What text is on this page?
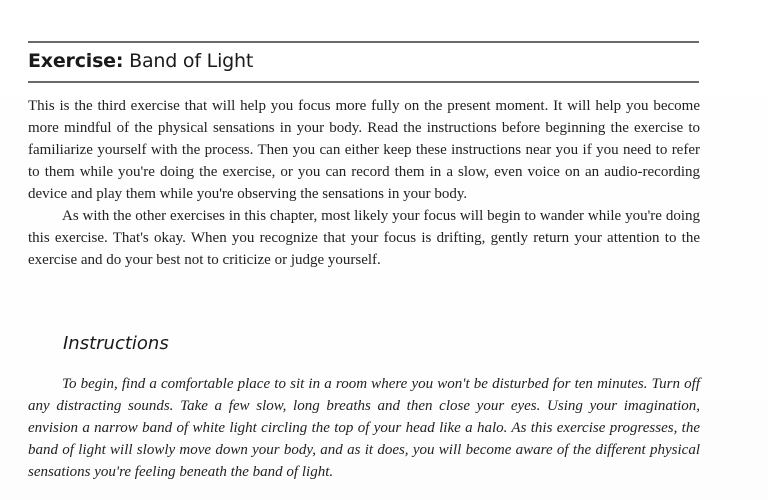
Exercise: Band of Light

This is the third exercise that will help you focus more fully on the present moment. It will help you become more mindful of the physical sensations in your body. Read the instructions before beginning the exercise to familiarize yourself with the process. Then you can either keep these instructions near you if you need to refer to them while you're doing the exercise, or you can record them in a slow, even voice on an audio-recording device and play them while you're observing the sensations in your body.

As with the other exercises in this chapter, most likely your focus will begin to wander while you're doing this exercise. That's okay. When you recognize that your focus is drifting, gently return your attention to the exercise and do your best not to criticize or judge yourself.

Instructions

To begin, find a comfortable place to sit in a room where you won't be disturbed for ten minutes. Turn off any distracting sounds. Take a few slow, long breaths and then close your eyes. Using your imagination, envision a narrow band of white light circling the top of your head like a halo. As this exercise progresses, the band of light will slowly move down your body, and as it does, you will become aware of the different physical sensations you're feeling beneath the band of light.
